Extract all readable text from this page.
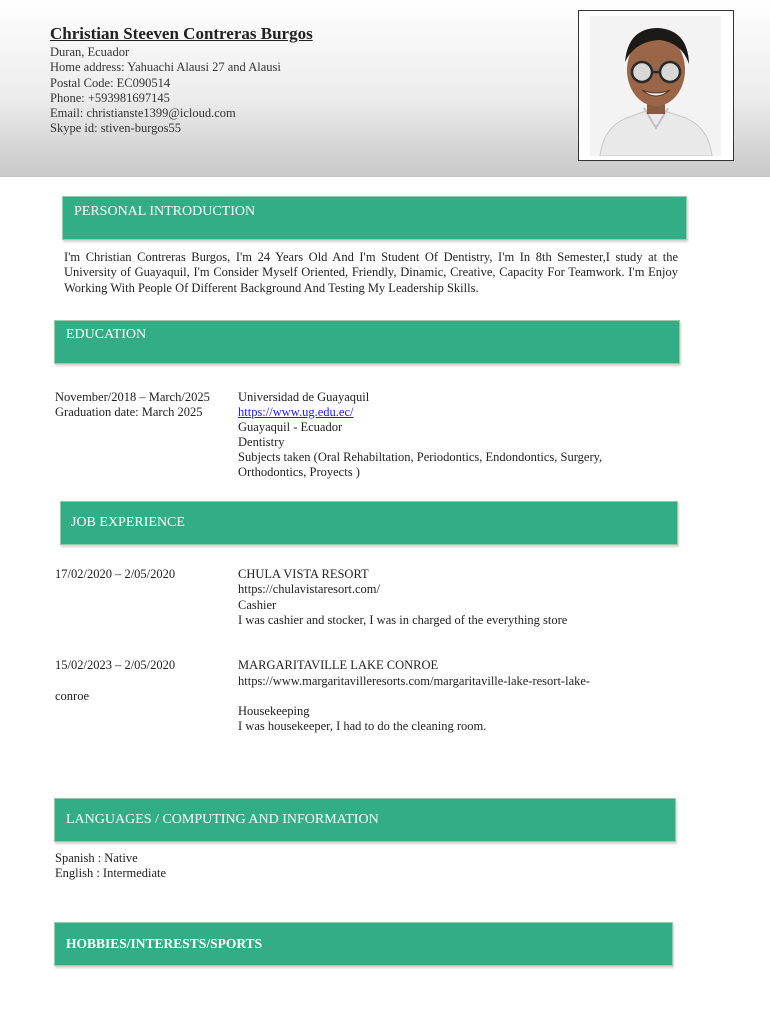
Christian Steeven Contreras Burgos
Duran, Ecuador
Home address: Yahuachi Alausi 27 and Alausi
Postal Code: EC090514
Phone: +593981697145
Email: christianste1399@icloud.com
Skype id: stiven-burgos55
PERSONAL INTRODUCTION
I'm Christian Contreras Burgos, I'm 24 Years Old And I'm Student Of Dentistry, I'm In 8th Semester,I study at the University of Guayaquil, I'm Consider Myself Oriented, Friendly, Dinamic, Creative, Capacity For Teamwork. I'm Enjoy Working With People Of Different Background And Testing My Leadership Skills.
EDUCATION
November/2018 – March/2025
Graduation date: March 2025
Universidad de Guayaquil
https://www.ug.edu.ec/
Guayaquil - Ecuador
Dentistry
Subjects taken (Oral Rehabiltation, Periodontics, Endondontics, Surgery,
Orthodontics, Proyects )
JOB EXPERIENCE
17/02/2020 – 2/05/2020	CHULA VISTA RESORT
https://chulavistaresort.com/
Cashier
I was cashier and stocker, I was in charged of the everything store
15/02/2023 – 2/05/2020	MARGARITAVILLE LAKE CONROE
https://www.margaritavilleresorts.com/margaritaville-lake-resort-lake-
conroe
Housekeeping
I was housekeeper, I had to do the cleaning room.
LANGUAGES / COMPUTING AND INFORMATION
Spanish : Native
English : Intermediate
HOBBIES/INTERESTS/SPORTS
